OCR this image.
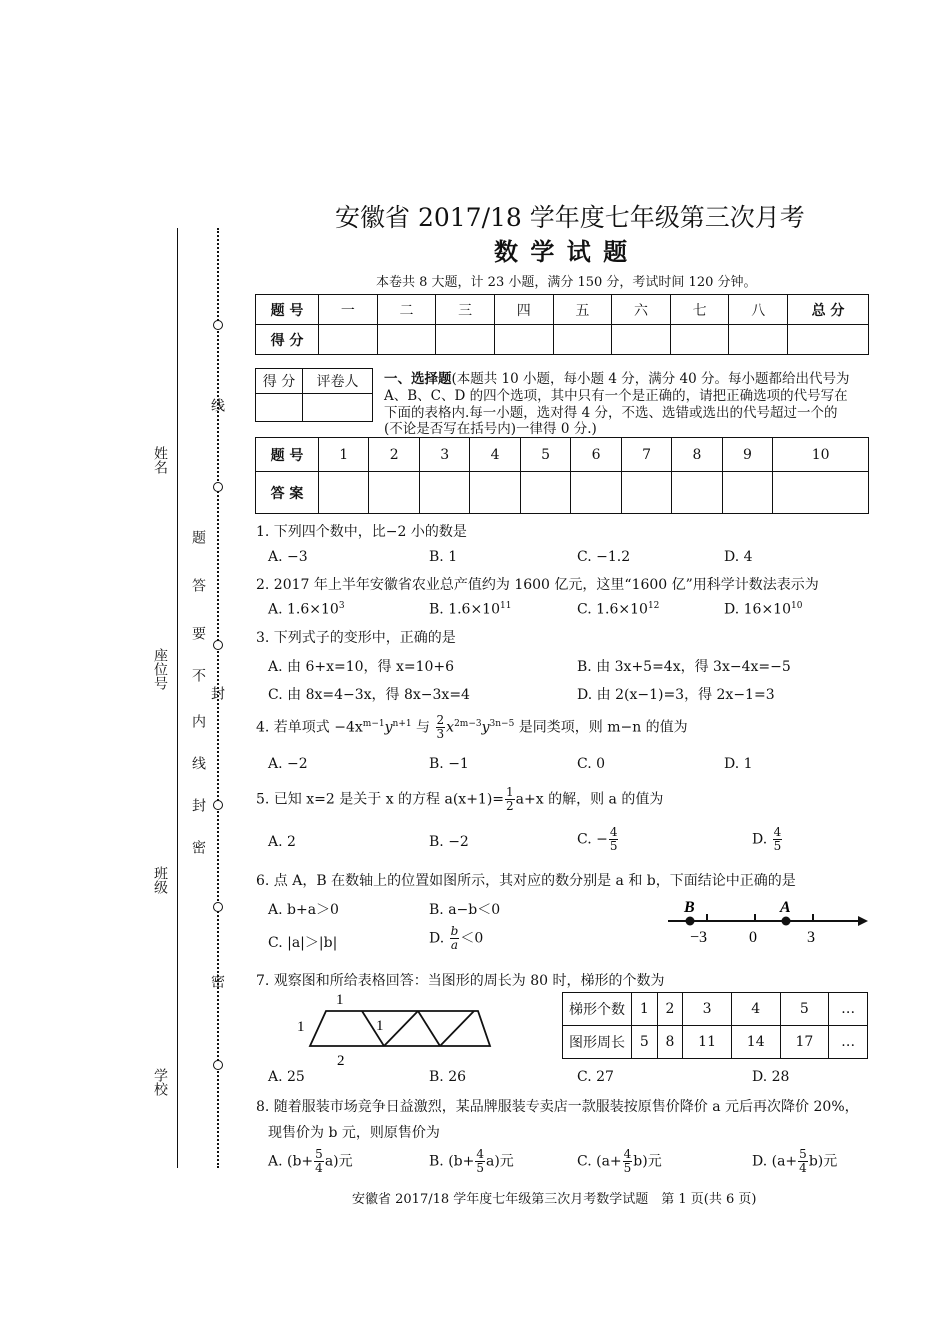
安徽省 2017/18 学年度七年级第三次月考
数 学 试 题
本卷共 8 大题，计 23 小题，满分 150 分，考试时间 120 分钟。
题 号	一	二	三	四	五	六	七	八	总 分
得 分									
得 分	评卷人
	一、选择题(本题共 10 小题，每小题 4 分，满分 40 分。每小题都给出代号为
A、B、C、D 的四个选项，其中只有一个是正确的，请把正确选项的代号写在
下面的表格内.每一小题，选对得 4 分，不选、选错或选出的代号超过一个的
(不论是否写在括号内)一律得 0 分.)
题 号	1	2	3	4	5	6	7	8	9	10
答 案										
1. 下列四个数中，比−2 小的数是
A. −3	B. 1	C. −1.2	D. 4
2. 2017 年上半年安徽省农业总产值约为 1600 亿元，这里“1600 亿”用科学计数法表示为
A. $1.6\times 10^3$	B. $1.6\times 10^{11}$	C. $1.6\times 10^{12}$	D. $16\times 10^{10}$
3. 下列式子的变形中，正确的是
A. 由 6+x=10，得 x=10+6	B. 由 3x+5=4x，得 3x−4x=−5
C. 由 8x=4−3x，得 8x−3x=4	D. 由 2(x−1)=3，得 2x−1=3
4. 若单项式 $-4x^{m-1}y^{n+1}$ 与 $\frac{2}{3} x^{2m-3}y^{3n-5}$ 是同类项，则 m−n 的值为
A. −2	B. −1	C. 0	D. 1
5. 已知 x=2 是关于 x 的方程 $a(x+1)= \frac{1}{2} a+x$ 的解，则 a 的值为
A. 2	B. −2	C. − $\frac{4}{5}$	D. $\frac{4}{5}$
6. 点 A，B 在数轴上的位置如图所示，其对应的数分别是 a 和 b，下面结论中正确的是
A. b+a＞0	B. a−b＜0
C. |a|＞|b|	D. $\frac{b}{a} <0$
B	A
−3	0	3
7. 观察图和所给表格回答：当图形的周长为 80 时，梯形的个数为
1
1	1
2
梯形个数	1	2	3	4	5	…
图形周长	5	8	11	14	17	…
A. 25	B. 26	C. 27	D. 28
8. 随着服装市场竞争日益激烈，某品牌服装专卖店一款服装按原售价降价 a 元后再次降价 20%，
现售价为 b 元，则原售价为
A. $(b+ \frac{5}{4} a)$元	B. $(b+ \frac{4}{5} a)$元	C. $(a+ \frac{4}{5} b)$元	D. $(a+ \frac{5}{4} b)$元
安徽省 2017/18 学年度七年级第三次月考数学试题　第 1 页(共 6 页)
线
封
密
姓名
座位号
班级
学校
题
答
要
不
内
线
封
密
